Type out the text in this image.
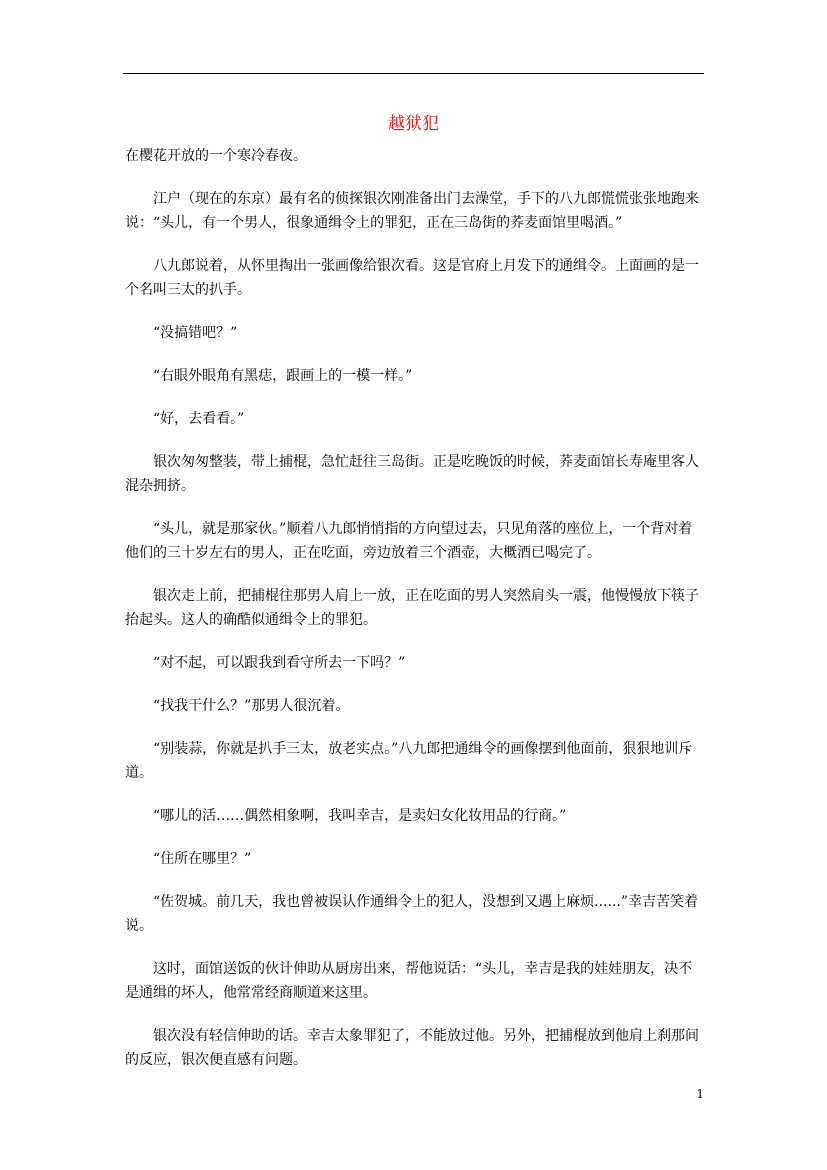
越狱犯

在樱花开放的一个寒冷春夜。

江户（现在的东京）最有名的侦探银次刚准备出门去澡堂，手下的八九郎慌慌张张地跑来说：“头儿，有一个男人，很象通缉令上的罪犯，正在三岛街的荞麦面馆里喝酒。”

八九郎说着，从怀里掏出一张画像给银次看。这是官府上月发下的通缉令。上面画的是一个名叫三太的扒手。

“没搞错吧？”

“右眼外眼角有黑痣，跟画上的一模一样。”

“好，去看看。”

银次匆匆整装，带上捕棍，急忙赶往三岛街。正是吃晚饭的时候，荞麦面馆长寿庵里客人混杂拥挤。

“头儿，就是那家伙。”顺着八九郎悄悄指的方向望过去，只见角落的座位上，一个背对着他们的三十岁左右的男人，正在吃面，旁边放着三个酒壶，大概酒已喝完了。

银次走上前，把捕棍往那男人肩上一放，正在吃面的男人突然肩头一震，他慢慢放下筷子抬起头。这人的确酷似通缉令上的罪犯。

“对不起，可以跟我到看守所去一下吗？”

“找我干什么？”那男人很沉着。

“别装蒜，你就是扒手三太，放老实点。”八九郎把通缉令的画像摆到他面前，狠狠地训斥道。

“哪儿的活……偶然相象啊，我叫幸吉，是卖妇女化妆用品的行商。”

“住所在哪里？”

“佐贺城。前几天，我也曾被误认作通缉令上的犯人，没想到又遇上麻烦......”幸吉苦笑着说。

这时，面馆送饭的伙计伸助从厨房出来，帮他说话：“头儿，幸吉是我的娃娃朋友，决不是通缉的坏人，他常常经商顺道来这里。

银次没有轻信伸助的话。幸吉太象罪犯了，不能放过他。另外，把捕棍放到他肩上刹那间的反应，银次便直感有问题。

1
